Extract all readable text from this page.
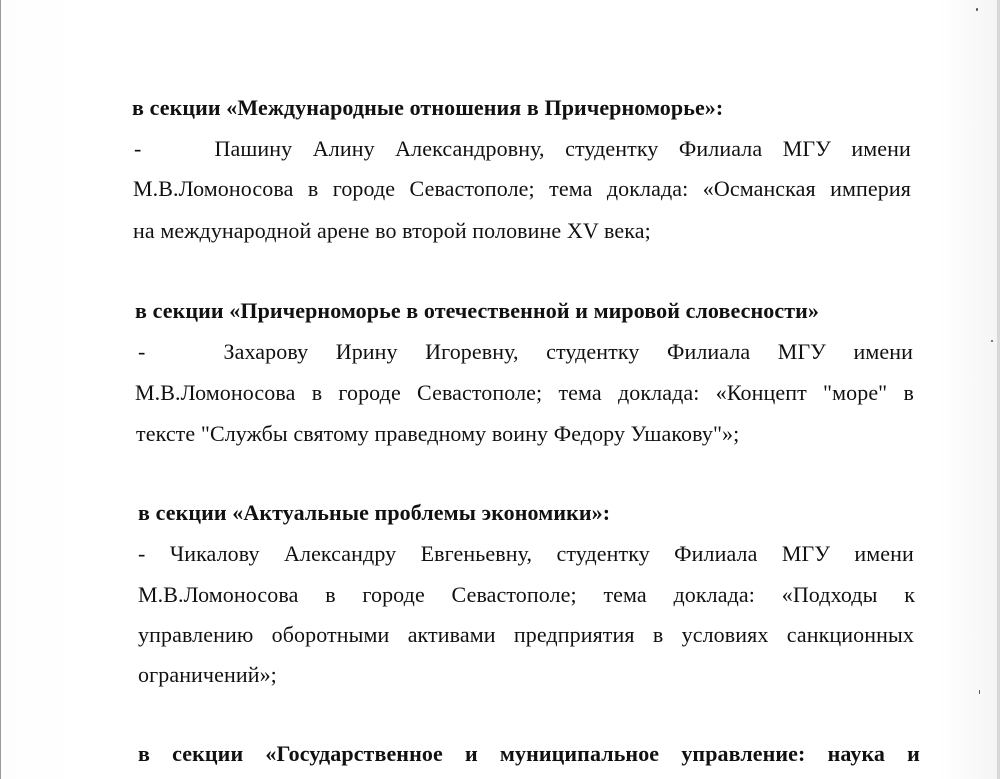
в секции «Международные отношения в Причерноморье»:
-	Пашину Алину Александровну, студентку Филиала МГУ имени
М.В.Ломоносова в городе Севастополе; тема доклада: «Османская империя
на международной арене во второй половине XV века;
в секции «Причерноморье в отечественной и мировой словесности»
-	Захарову Ирину Игоревну, студентку Филиала МГУ имени
М.В.Ломоносова в городе Севастополе; тема доклада: «Концепт "море" в
тексте "Службы святому праведному воину Федору Ушакову"»;
в секции «Актуальные проблемы экономики»:
- Чикалову Александру Евгеньевну, студентку Филиала МГУ имени
М.В.Ломоносова в городе Севастополе; тема доклада: «Подходы к
управлению оборотными активами предприятия в условиях санкционных
ограничений»;
в секции «Государственное и муниципальное управление: наука и
